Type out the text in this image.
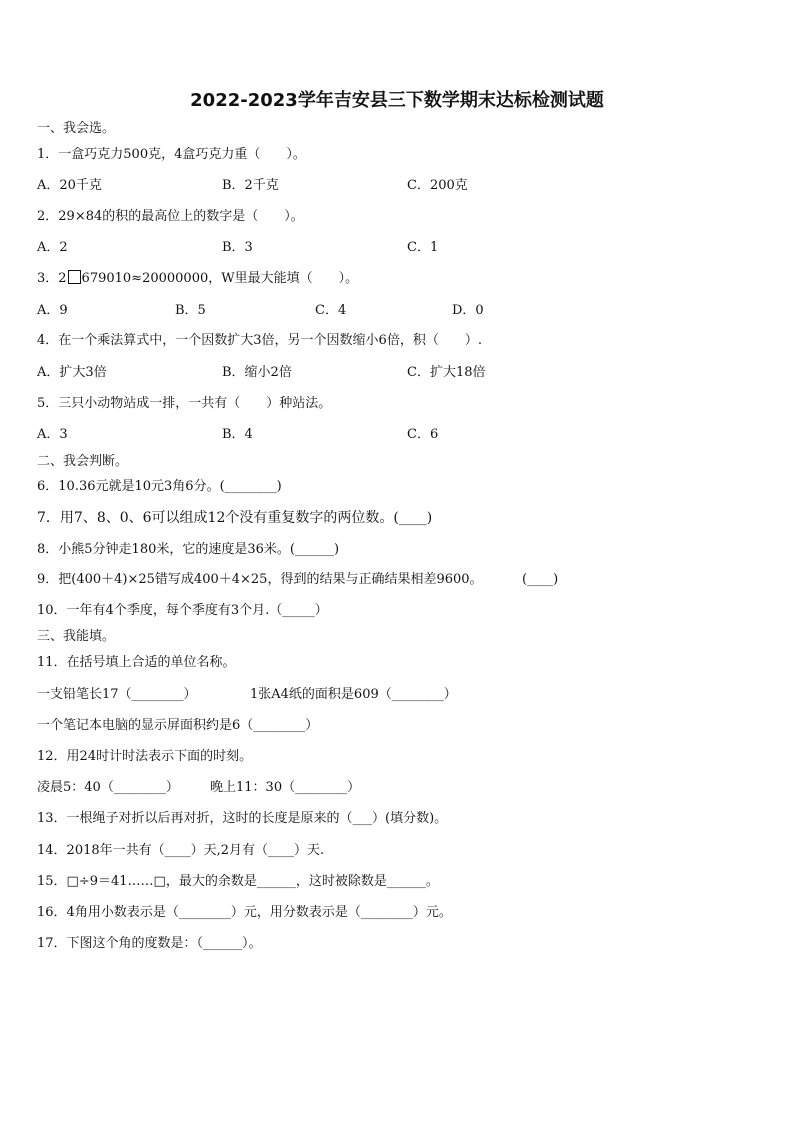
2022-2023学年吉安县三下数学期末达标检测试题
一、我会选。
1．一盒巧克力500克，4盒巧克力重（　　）。
A．20千克	B．2千克	C．200克
2．29×84的积的最高位上的数字是（　　）。
A．2	B．3	C．1
3．2 679010≈20000000，W里最大能填（　　）。
A．9	B．5	C．4	D．0
4．在一个乘法算式中，一个因数扩大3倍，另一个因数缩小6倍，积（　　）.
A．扩大3倍	B．缩小2倍	C．扩大18倍
5．三只小动物站成一排，一共有（　　）种站法。
A．3	B．4	C．6
二、我会判断。
6．10.36元就是10元3角6分。(________)
7．用7、8、0、6可以组成12个没有重复数字的两位数。(____)
8．小熊5分钟走180米，它的速度是36米。(______)
9．把(400＋4)×25错写成400＋4×25，得到的结果与正确结果相差9600。	(____)
10．一年有4个季度，每个季度有3个月.（_____）
三、我能填。
11．在括号填上合适的单位名称。
一支铅笔长17（________）	1张A4纸的面积是609（________）
一个笔记本电脑的显示屏面积约是6（________）
12．用24时计时法表示下面的时刻。
凌晨5：40（________） 晚上11：30（________）
13．一根绳子对折以后再对折，这时的长度是原来的（___）(填分数)。
14．2018年一共有（____）天,2月有（____）天.
15．□÷9＝41……□，最大的余数是______，这时被除数是______。
16．4角用小数表示是（________）元，用分数表示是（________）元。
17．下图这个角的度数是：（______）。
